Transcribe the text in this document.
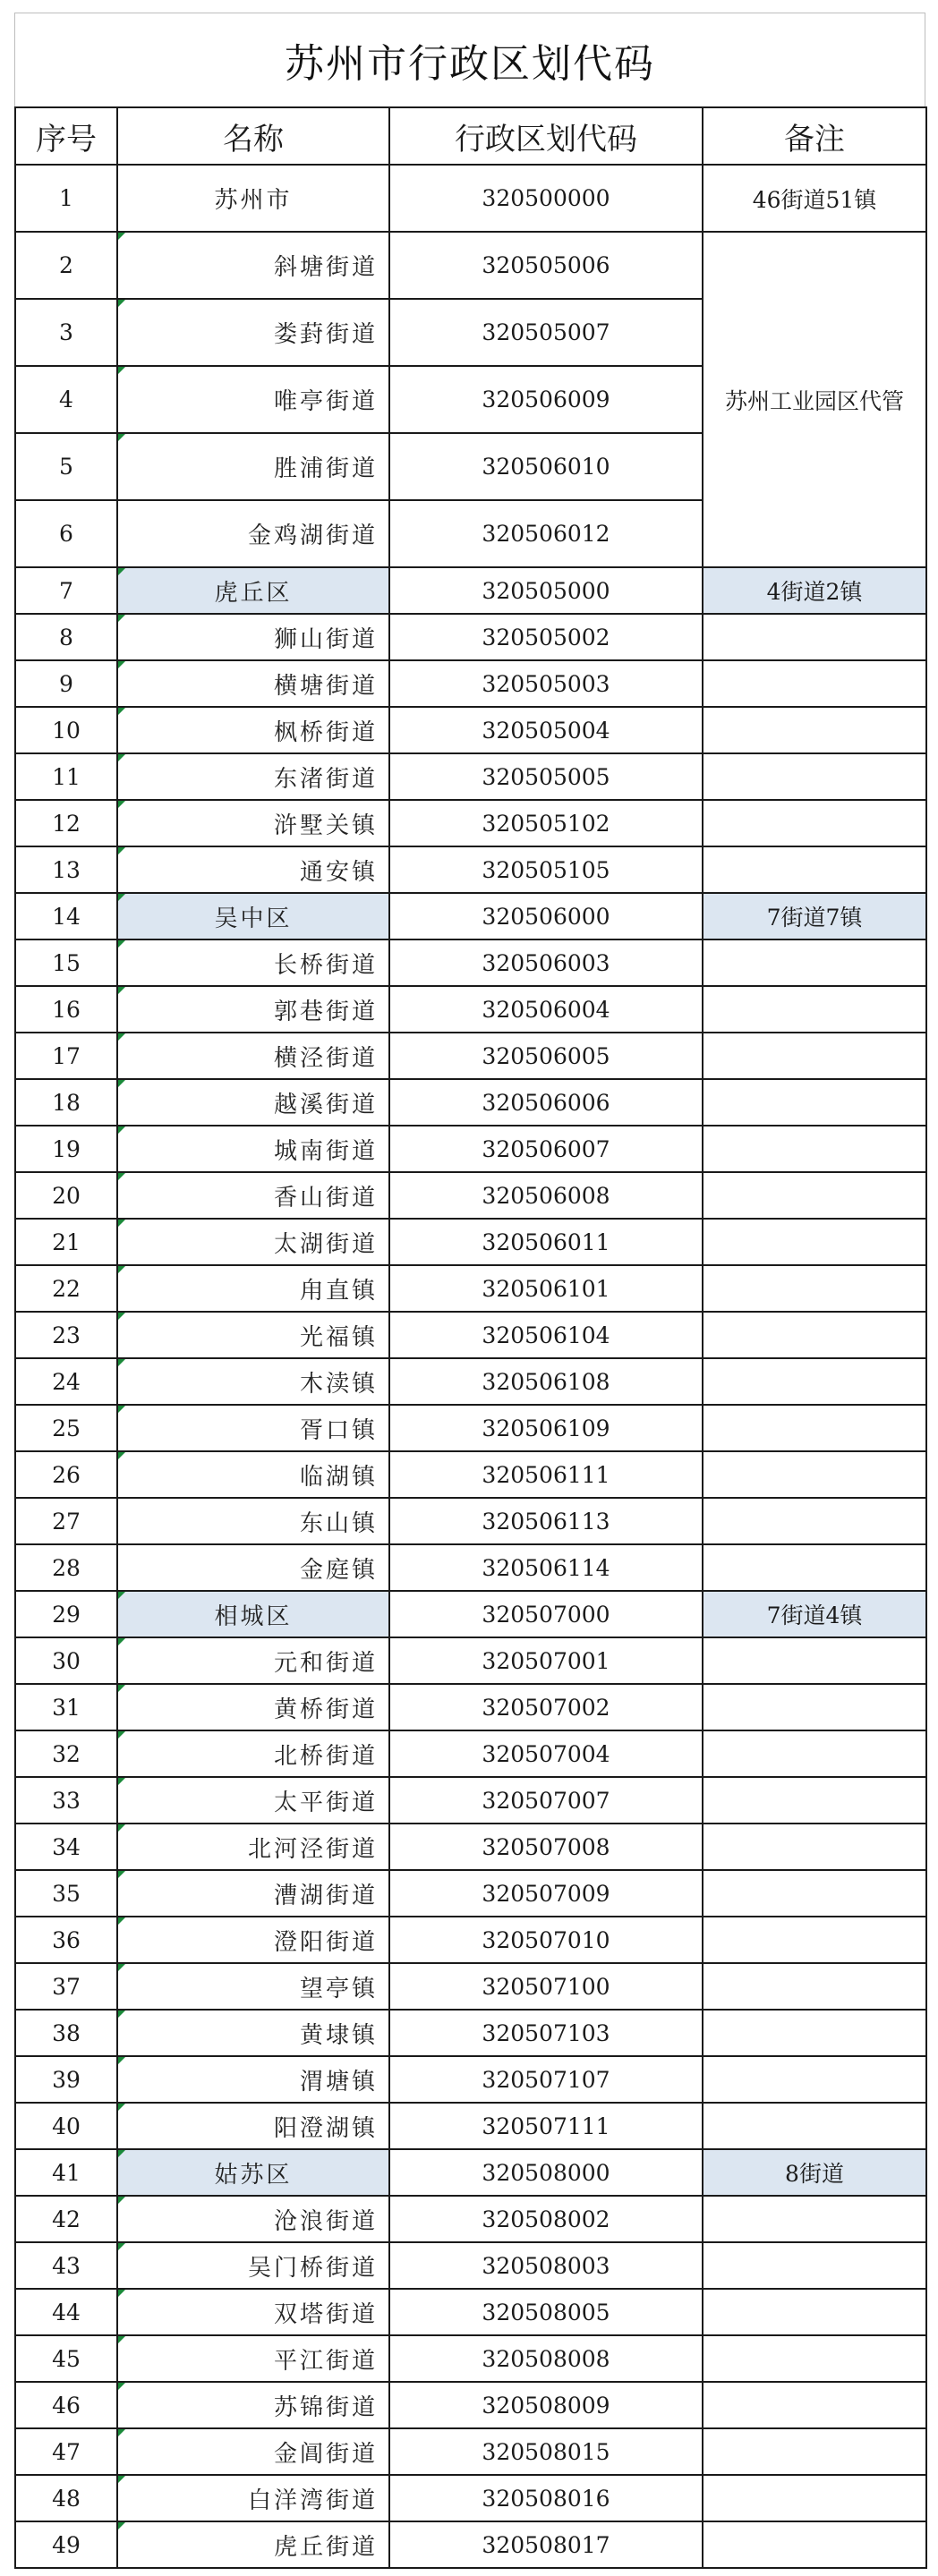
苏州市行政区划代码
序号	名称	行政区划代码	备注
1	苏州市	320500000	46街道51镇
2	斜塘街道	320505006	苏州工业园区代管
3	娄葑街道	320505007	
4	唯亭街道	320506009	
5	胜浦街道	320506010	
6	金鸡湖街道	320506012	
7	虎丘区	320505000	4街道2镇
8	狮山街道	320505002	
9	横塘街道	320505003	
10	枫桥街道	320505004	
11	东渚街道	320505005	
12	浒墅关镇	320505102	
13	通安镇	320505105	
14	吴中区	320506000	7街道7镇
15	长桥街道	320506003	
16	郭巷街道	320506004	
17	横泾街道	320506005	
18	越溪街道	320506006	
19	城南街道	320506007	
20	香山街道	320506008	
21	太湖街道	320506011	
22	甪直镇	320506101	
23	光福镇	320506104	
24	木渎镇	320506108	
25	胥口镇	320506109	
26	临湖镇	320506111	
27	东山镇	320506113	
28	金庭镇	320506114	
29	相城区	320507000	7街道4镇
30	元和街道	320507001	
31	黄桥街道	320507002	
32	北桥街道	320507004	
33	太平街道	320507007	
34	北河泾街道	320507008	
35	漕湖街道	320507009	
36	澄阳街道	320507010	
37	望亭镇	320507100	
38	黄埭镇	320507103	
39	渭塘镇	320507107	
40	阳澄湖镇	320507111	
41	姑苏区	320508000	8街道
42	沧浪街道	320508002	
43	吴门桥街道	320508003	
44	双塔街道	320508005	
45	平江街道	320508008	
46	苏锦街道	320508009	
47	金阊街道	320508015	
48	白洋湾街道	320508016	
49	虎丘街道	320508017	
